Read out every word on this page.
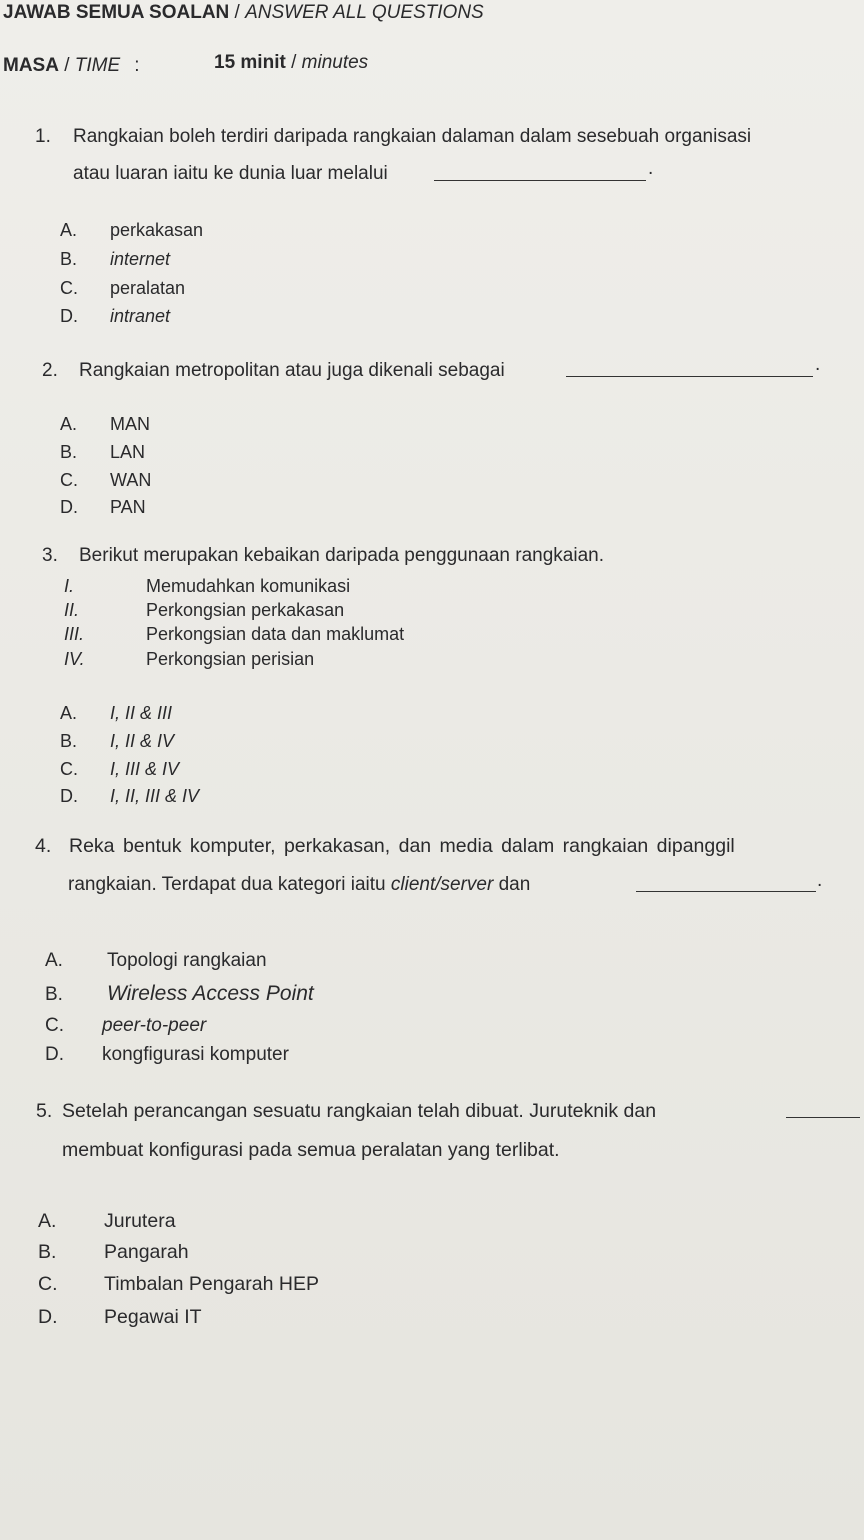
JAWAB SEMUA SOALAN / ANSWER ALL QUESTIONS
MASA / TIME :	15 minit / minutes
1. Rangkaian boleh terdiri daripada rangkaian dalaman dalam sesebuah organisasi
atau luaran iaitu ke dunia luar melalui	.
A. perkakasan
B. internet
C. peralatan
D. intranet
2. Rangkaian metropolitan atau juga dikenali sebagai	.
A. MAN
B. LAN
C. WAN
D. PAN
3. Berikut merupakan kebaikan daripada penggunaan rangkaian.
I.	Memudahkan komunikasi
II.	Perkongsian perkakasan
III.	Perkongsian data dan maklumat
IV.	Perkongsian perisian
A. I, II & III
B. I, II & IV
C. I, III & IV
D. I, II, III & IV
4. Reka bentuk komputer, perkakasan, dan media dalam rangkaian dipanggil
rangkaian. Terdapat dua kategori iaitu client/server dan	.
A. Topologi rangkaian
B. Wireless Access Point
C. peer-to-peer
D. kongfigurasi komputer
5. Setelah perancangan sesuatu rangkaian telah dibuat. Juruteknik dan
membuat konfigurasi pada semua peralatan yang terlibat.
A. Jurutera
B. Pangarah
C. Timbalan Pengarah HEP
D. Pegawai IT
